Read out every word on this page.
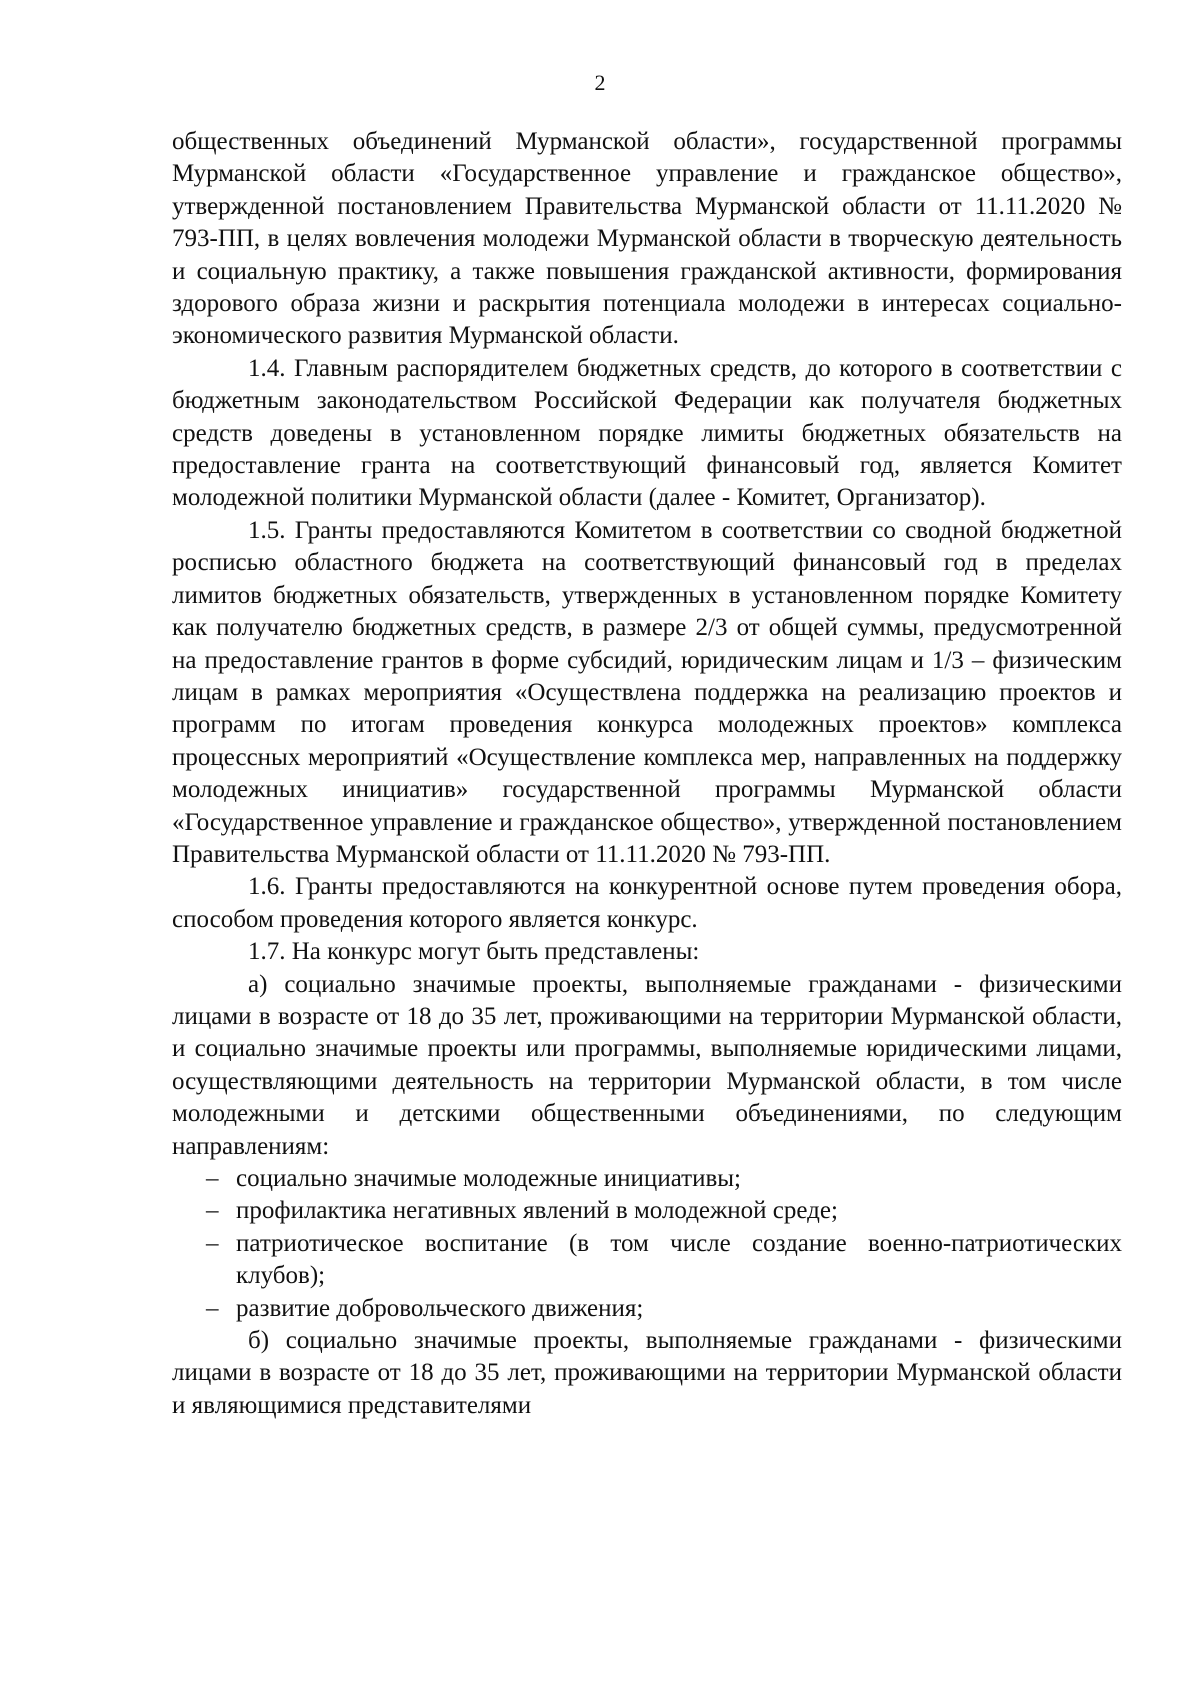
2

общественных объединений Мурманской области», государственной программы Мурманской области «Государственное управление и гражданское общество», утвержденной постановлением Правительства Мурманской области от 11.11.2020 № 793-ПП, в целях вовлечения молодежи Мурманской области в творческую деятельность и социальную практику, а также повышения гражданской активности, формирования здорового образа жизни и раскрытия потенциала молодежи в интересах социально-экономического развития Мурманской области.

1.4. Главным распорядителем бюджетных средств, до которого в соответствии с бюджетным законодательством Российской Федерации как получателя бюджетных средств доведены в установленном порядке лимиты бюджетных обязательств на предоставление гранта на соответствующий финансовый год, является Комитет молодежной политики Мурманской области (далее - Комитет, Организатор).

1.5. Гранты предоставляются Комитетом в соответствии со сводной бюджетной росписью областного бюджета на соответствующий финансовый год в пределах лимитов бюджетных обязательств, утвержденных в установленном порядке Комитету как получателю бюджетных средств, в размере 2/3 от общей суммы, предусмотренной на предоставление грантов в форме субсидий, юридическим лицам и 1/3 – физическим лицам в рамках мероприятия «Осуществлена поддержка на реализацию проектов и программ по итогам проведения конкурса молодежных проектов» комплекса процессных мероприятий «Осуществление комплекса мер, направленных на поддержку молодежных инициатив» государственной программы Мурманской области «Государственное управление и гражданское общество», утвержденной постановлением Правительства Мурманской области от 11.11.2020 № 793-ПП.

1.6. Гранты предоставляются на конкурентной основе путем проведения обора, способом проведения которого является конкурс.

1.7. На конкурс могут быть представлены:

а) социально значимые проекты, выполняемые гражданами - физическими лицами в возрасте от 18 до 35 лет, проживающими на территории Мурманской области, и социально значимые проекты или программы, выполняемые юридическими лицами, осуществляющими деятельность на территории Мурманской области, в том числе молодежными и детскими общественными объединениями, по следующим направлениям:

– социально значимые молодежные инициативы;
– профилактика негативных явлений в молодежной среде;
– патриотическое воспитание (в том числе создание военно-патриотических клубов);
– развитие добровольческого движения;

б) социально значимые проекты, выполняемые гражданами - физическими лицами в возрасте от 18 до 35 лет, проживающими на территории Мурманской области и являющимися представителями
